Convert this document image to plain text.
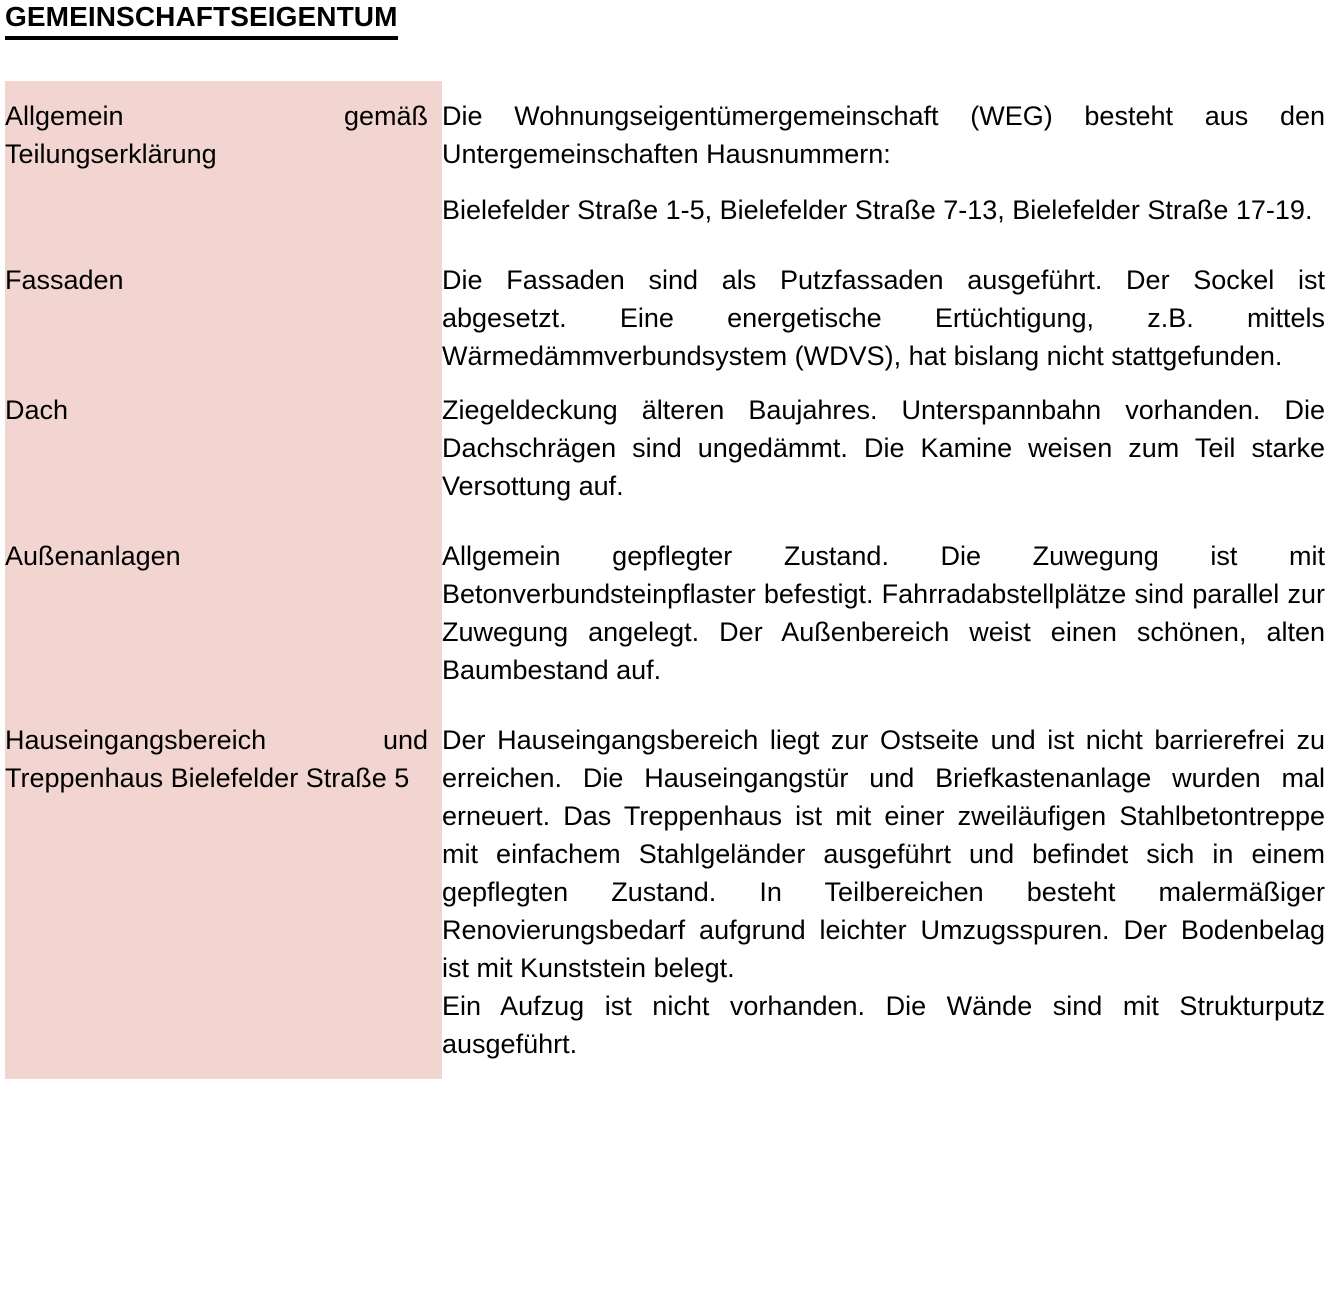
GEMEINSCHAFTSEIGENTUM

Allgemein gemäß Teilungserklärung		Die Wohnungseigentümergemeinschaft (WEG) besteht aus den Untergemeinschaften Hausnummern:

Bielefelder Straße 1-5, Bielefelder Straße 7-13, Bielefelder Straße 17-19.

Fassaden		Die Fassaden sind als Putzfassaden ausgeführt. Der Sockel ist abgesetzt. Eine energetische Ertüchtigung, z.B. mittels Wärmedämmverbundsystem (WDVS), hat bislang nicht stattgefunden.

Dach		Ziegeldeckung älteren Baujahres. Unterspannbahn vorhanden. Die Dachschrägen sind ungedämmt. Die Kamine weisen zum Teil starke Versottung auf.

Außenanlagen		Allgemein gepflegter Zustand. Die Zuwegung ist mit Betonverbundsteinpflaster befestigt. Fahrradabstellplätze sind parallel zur Zuwegung angelegt. Der Außenbereich weist einen schönen, alten Baumbestand auf.

Hauseingangsbereich und Treppenhaus Bielefelder Straße 5		Der Hauseingangsbereich liegt zur Ostseite und ist nicht barrierefrei zu erreichen. Die Hauseingangstür und Briefkastenanlage wurden mal erneuert. Das Treppenhaus ist mit einer zweiläufigen Stahlbetontreppe mit einfachem Stahlgeländer ausgeführt und befindet sich in einem gepflegten Zustand. In Teilbereichen besteht malermäßiger Renovierungsbedarf aufgrund leichter Umzugsspuren. Der Bodenbelag ist mit Kunststein belegt.

Ein Aufzug ist nicht vorhanden. Die Wände sind mit Strukturputz ausgeführt.
